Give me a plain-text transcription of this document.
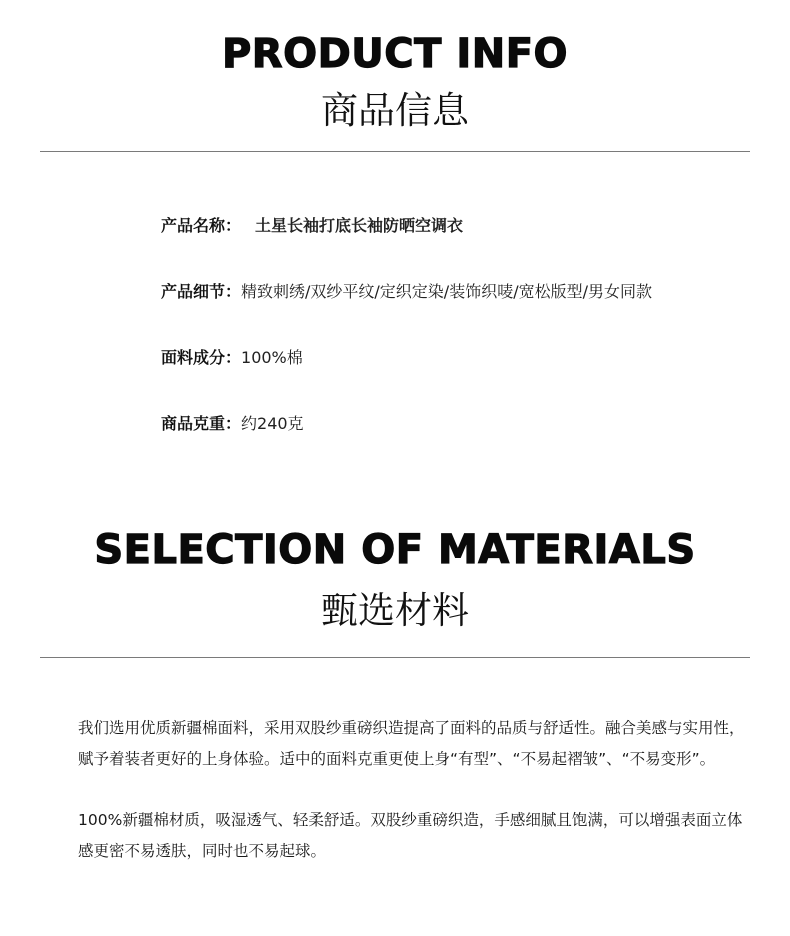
PRODUCT INFO
商品信息
产品名称： 土星长袖打底长袖防晒空调衣
产品细节：精致刺绣/双纱平纹/定织定染/装饰织唛/宽松版型/男女同款
面料成分：100%棉
商品克重：约240克
SELECTION OF MATERIALS
甄选材料

我们选用优质新疆棉面料，采用双股纱重磅织造提高了面料的品质与舒适性。融合美感与实用性，赋予着装者更好的上身体验。适中的面料克重更使上身“有型”、“不易起褶皱”、“不易变形”。

100%新疆棉材质，吸湿透气、轻柔舒适。双股纱重磅织造，手感细腻且饱满，可以增强表面立体感更密不易透肤，同时也不易起球。
